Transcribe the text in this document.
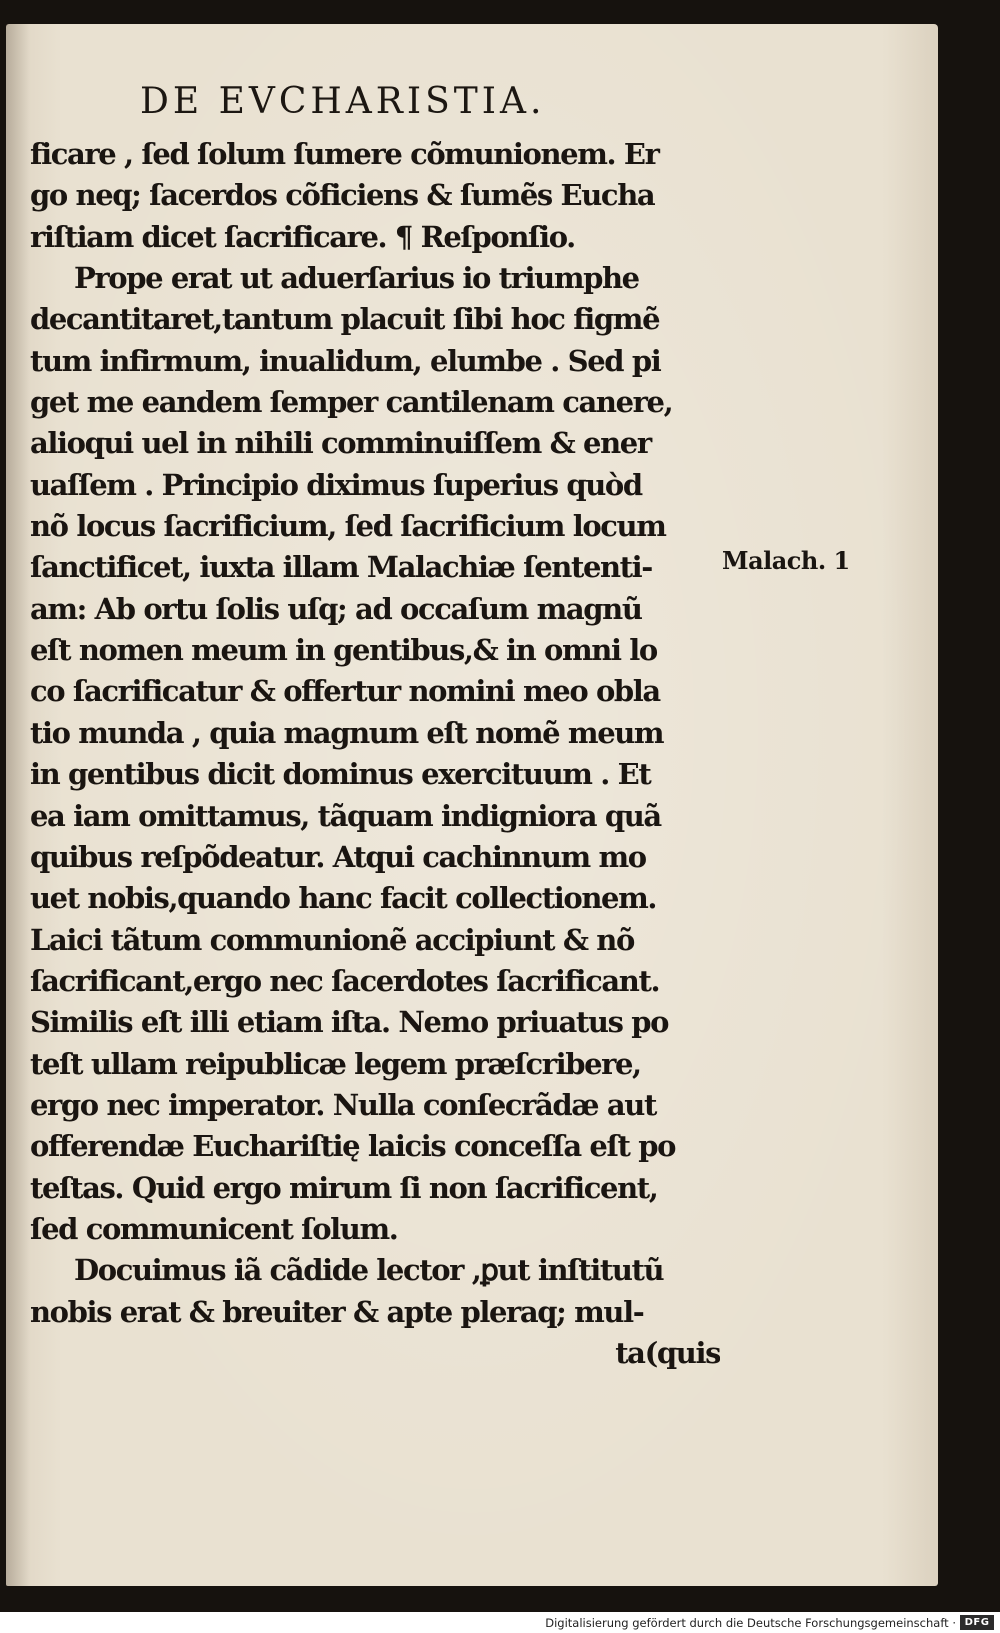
DE EVCHARISTIA.
ficare , ſed ſolum ſumere cõmunionem. Er
go neq; ſacerdos cõficiens & ſumẽs Eucha
riſtiam dicet ſacrificare. ¶ Reſponſio.
Prope erat ut aduerſarius io triumphe
decantitaret,tantum placuit ſibi hoc figmẽ
tum infirmum, inualidum, elumbe . Sed pi
get me eandem ſemper cantilenam canere,
alioqui uel in nihili comminuiſſem & ener
uaſſem . Principio diximus ſuperius quòd
nõ locus ſacrificium, ſed ſacrificium locum
ſanctificet, iuxta illam Malachiæ ſententi-
am: Ab ortu ſolis uſq; ad occaſum magnũ
eſt nomen meum in gentibus,& in omni lo
co ſacrificatur & offertur nomini meo obla
tio munda , quia magnum eſt nomẽ meum
in gentibus dicit dominus exercituum . Et
ea iam omittamus, tãquam indigniora quã
quibus reſpõdeatur. Atqui cachinnum mo
uet nobis,quando hanc facit collectionem.
Laici tãtum communionẽ accipiunt & nõ
ſacrificant,ergo nec ſacerdotes ſacrificant.
Similis eſt illi etiam iſta. Nemo priuatus po
teſt ullam reipublicæ legem præſcribere,
ergo nec imperator. Nulla conſecrãdæ aut
offerendæ Euchariſtię laicis conceſſa eſt po
teſtas. Quid ergo mirum ſi non ſacrificent,
ſed communicent ſolum.
Docuimus iã cãdide lector ,ꝑut inſtitutũ
nobis erat & breuiter & apte pleraq; mul-
ta(quis
Malach. 1
Digitalisierung gefördert durch die Deutsche Forschungsgemeinschaft · DFG
